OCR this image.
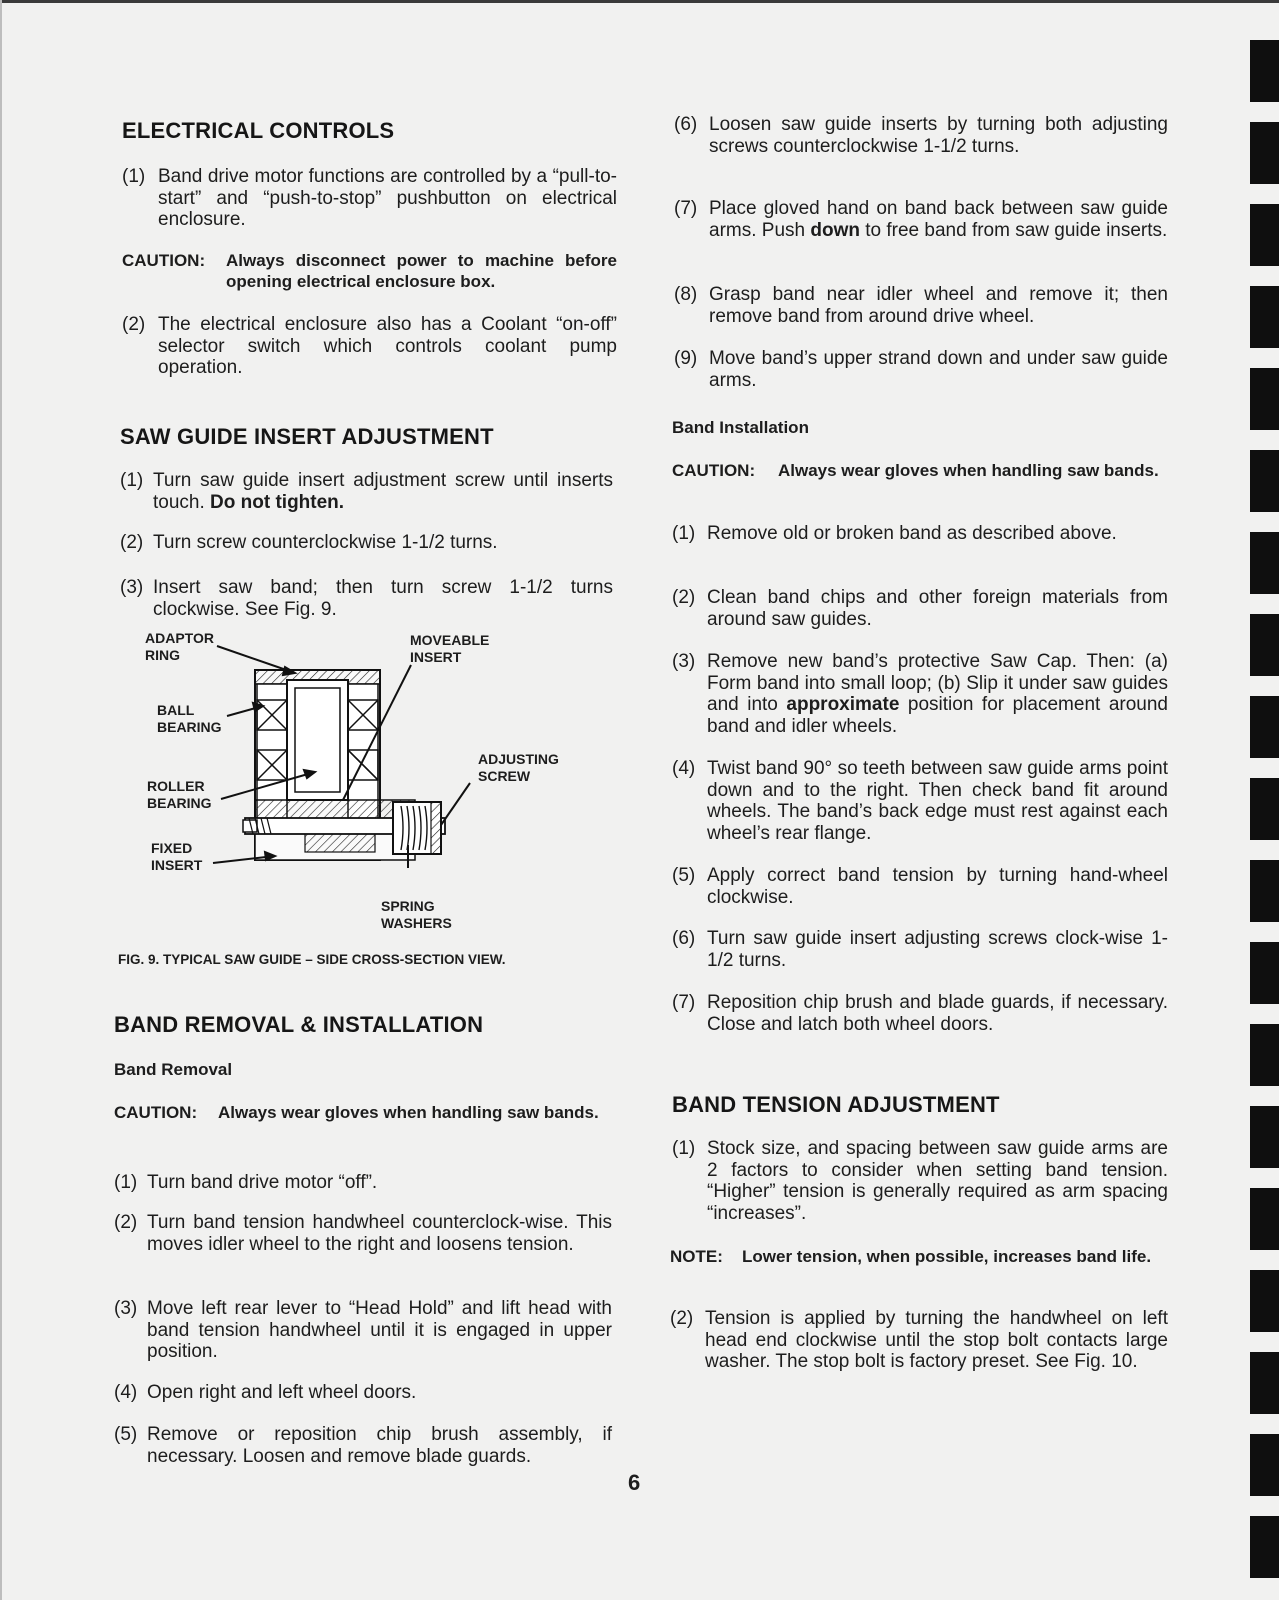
ELECTRICAL CONTROLS
(1) Band drive motor functions are controlled by a “pull-to-start” and “push-to-stop” pushbutton on electrical enclosure.
CAUTION:	Always disconnect power to machine before opening electrical enclosure box.
(2) The electrical enclosure also has a Coolant “on-off” selector switch which controls coolant pump operation.
SAW GUIDE INSERT ADJUSTMENT
(1) Turn saw guide insert adjustment screw until inserts touch. Do not tighten.
(2) Turn screw counterclockwise 1-1/2 turns.
(3) Insert saw band; then turn screw 1-1/2 turns clockwise. See Fig. 9.
ADAPTOR
RING
MOVEABLE
INSERT
BALL
BEARING
ADJUSTING
SCREW
ROLLER
BEARING
FIXED
INSERT
SPRING
WASHERS
FIG. 9. TYPICAL SAW GUIDE – SIDE CROSS-SECTION VIEW.
BAND REMOVAL & INSTALLATION
Band Removal
CAUTION:	Always wear gloves when handling saw bands.
(1) Turn band drive motor “off”.
(2) Turn band tension handwheel counterclock-wise. This moves idler wheel to the right and loosens tension.
(3) Move left rear lever to “Head Hold” and lift head with band tension handwheel until it is engaged in upper position.
(4) Open right and left wheel doors.
(5) Remove or reposition chip brush assembly, if necessary. Loosen and remove blade guards.
(6) Loosen saw guide inserts by turning both adjusting screws counterclockwise 1-1/2 turns.
(7) Place gloved hand on band back between saw guide arms. Push down to free band from saw guide inserts.
(8) Grasp band near idler wheel and remove it; then remove band from around drive wheel.
(9) Move band’s upper strand down and under saw guide arms.
Band Installation
CAUTION:	Always wear gloves when handling saw bands.
(1) Remove old or broken band as described above.
(2) Clean band chips and other foreign materials from around saw guides.
(3) Remove new band’s protective Saw Cap. Then: (a) Form band into small loop; (b) Slip it under saw guides and into approximate position for placement around band and idler wheels.
(4) Twist band 90° so teeth between saw guide arms point down and to the right. Then check band fit around wheels. The band’s back edge must rest against each wheel’s rear flange.
(5) Apply correct band tension by turning hand-wheel clockwise.
(6) Turn saw guide insert adjusting screws clock-wise 1-1/2 turns.
(7) Reposition chip brush and blade guards, if necessary. Close and latch both wheel doors.
BAND TENSION ADJUSTMENT
(1) Stock size, and spacing between saw guide arms are 2 factors to consider when setting band tension. “Higher” tension is generally required as arm spacing “increases”.
NOTE:	Lower tension, when possible, increases band life.
(2) Tension is applied by turning the handwheel on left head end clockwise until the stop bolt contacts large washer. The stop bolt is factory preset. See Fig. 10.
6
